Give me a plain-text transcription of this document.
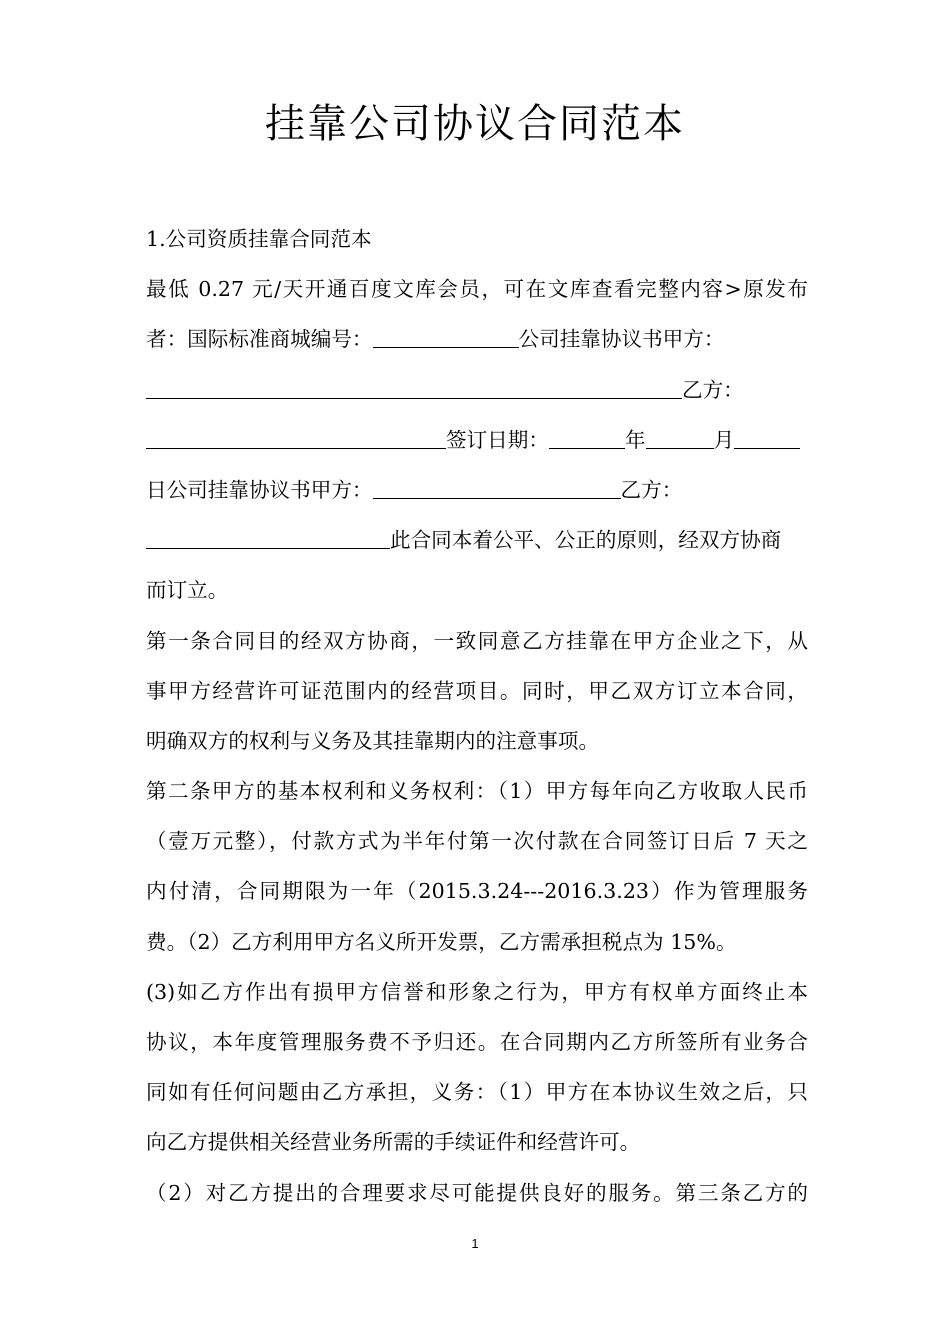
挂靠公司协议合同范本
1.公司资质挂靠合同范本
最低 0.27 元/天开通百度文库会员，可在文库查看完整内容>原发布
者：国际标准商城编号：	公司挂靠协议书甲方：
乙方：
签订日期：	年	月
日公司挂靠协议书甲方：	乙方：
此合同本着公平、公正的原则，经双方协商
而订立。
第一条合同目的经双方协商，一致同意乙方挂靠在甲方企业之下，从
事甲方经营许可证范围内的经营项目。同时，甲乙双方订立本合同，
明确双方的权利与义务及其挂靠期内的注意事项。
第二条甲方的基本权利和义务权利：（1）甲方每年向乙方收取人民币
（壹万元整），付款方式为半年付第一次付款在合同签订日后 7 天之
内付清，合同期限为一年（2015.3.24---2016.3.23）作为管理服务
费。（2）乙方利用甲方名义所开发票，乙方需承担税点为 15%。
(3)如乙方作出有损甲方信誉和形象之行为，甲方有权单方面终止本
协议，本年度管理服务费不予归还。在合同期内乙方所签所有业务合
同如有任何问题由乙方承担，义务：（1）甲方在本协议生效之后，只
向乙方提供相关经营业务所需的手续证件和经营许可。
（2）对乙方提出的合理要求尽可能提供良好的服务。第三条乙方的
1
